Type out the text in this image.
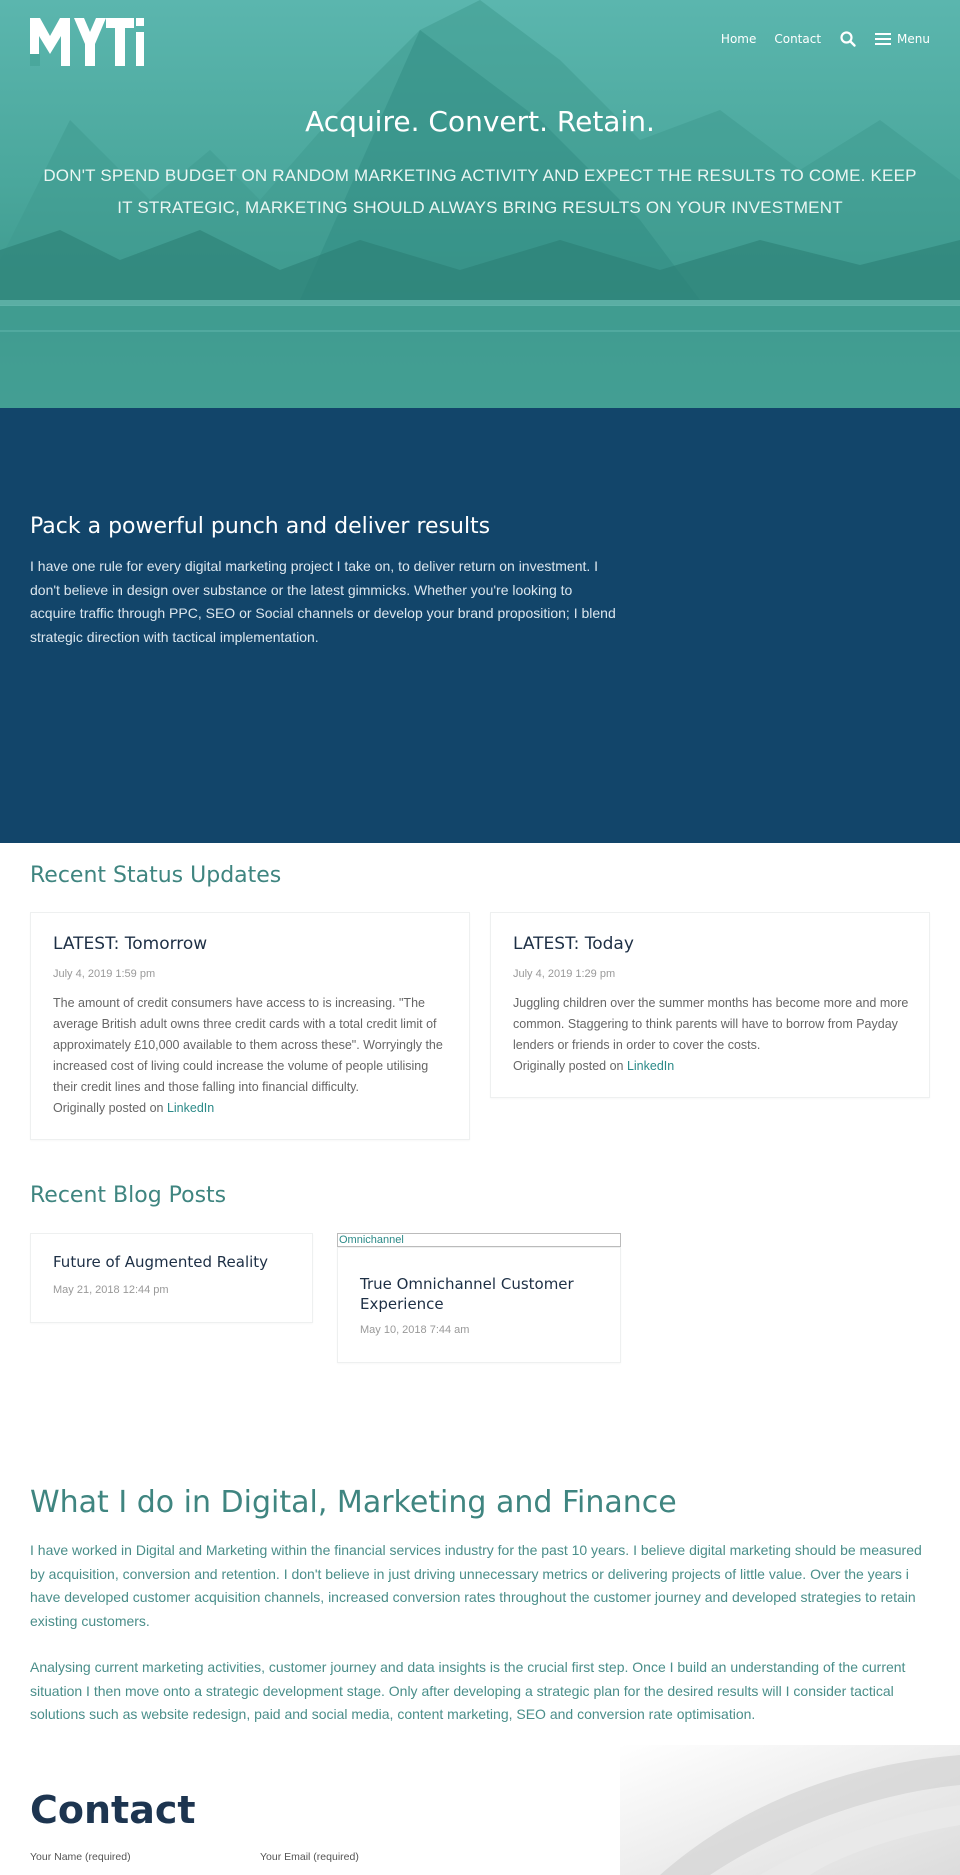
Home Contact	Menu
Acquire. Convert. Retain.

DON'T SPEND BUDGET ON RANDOM MARKETING ACTIVITY AND EXPECT THE RESULTS TO COME. KEEP IT STRATEGIC, MARKETING SHOULD ALWAYS BRING RESULTS ON YOUR INVESTMENT

Pack a powerful punch and deliver results

I have one rule for every digital marketing project I take on, to deliver return on investment. I don't believe in design over substance or the latest gimmicks. Whether you're looking to acquire traffic through PPC, SEO or Social channels or develop your brand proposition; I blend strategic direction with tactical implementation.

Recent Status Updates
LATEST: Tomorrow
July 4, 2019 1:59 pm
The amount of credit consumers have access to is increasing. "The average British adult owns three credit cards with a total credit limit of approximately £10,000 available to them across these". Worryingly the increased cost of living could increase the volume of people utilising their credit lines and those falling into financial difficulty.
Originally posted on LinkedIn
LATEST: Today
July 4, 2019 1:29 pm
Juggling children over the summer months has become more and more common. Staggering to think parents will have to borrow from Payday lenders or friends in order to cover the costs.
Originally posted on LinkedIn
Recent Blog Posts
Future of Augmented Reality
May 21, 2018 12:44 pm
Omnichannel
True Omnichannel Customer Experience
May 10, 2018 7:44 am
What I do in Digital, Marketing and Finance

I have worked in Digital and Marketing within the financial services industry for the past 10 years. I believe digital marketing should be measured by acquisition, conversion and retention. I don't believe in just driving unnecessary metrics or delivering projects of little value. Over the years i have developed customer acquisition channels, increased conversion rates throughout the customer journey and developed strategies to retain existing customers.

Analysing current marketing activities, customer journey and data insights is the crucial first step. Once I build an understanding of the current situation I then move onto a strategic development stage. Only after developing a strategic plan for the desired results will I consider tactical solutions such as website redesign, paid and social media, content marketing, SEO and conversion rate optimisation.

Contact
Your Name (required)	Your Email (required)
